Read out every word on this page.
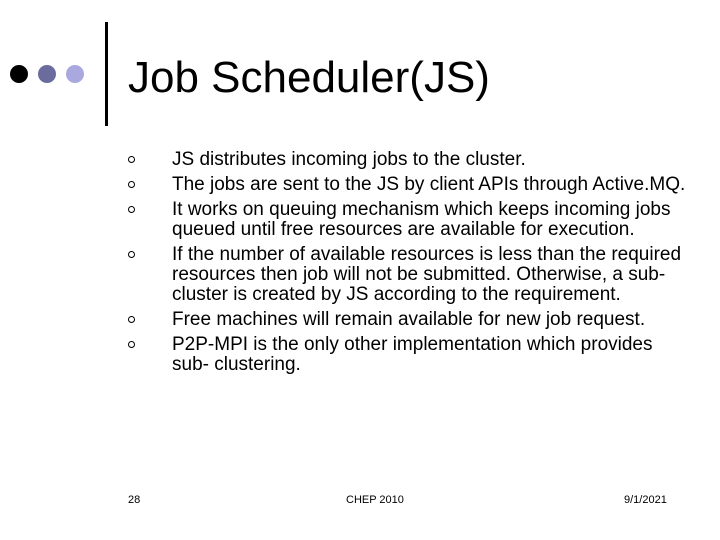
Job Scheduler(JS)
JS distributes incoming jobs to the cluster.
The jobs are sent to the JS by client APIs through Active.MQ.
It works on queuing mechanism which keeps incoming jobs queued until free resources are available for execution.
If the number of available resources is less than the required resources then job will not be submitted. Otherwise, a sub-cluster is created by JS according to the requirement.
Free machines will remain available for new job request.
P2P-MPI is the only other implementation which provides sub- clustering.
28	CHEP 2010	9/1/2021
